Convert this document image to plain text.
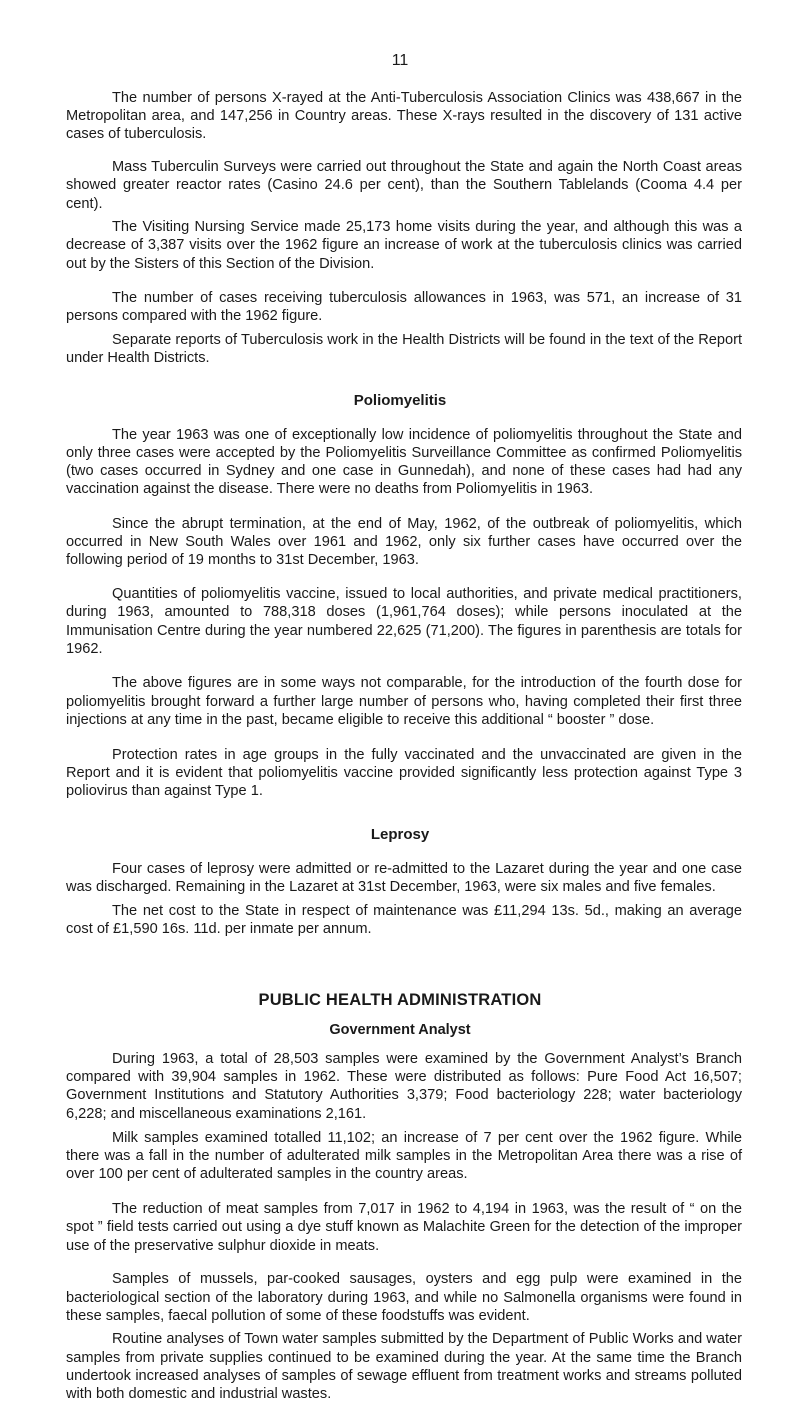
11

The number of persons X-rayed at the Anti-Tuberculosis Association Clinics was 438,667 in the Metropolitan area, and 147,256 in Country areas. These X-rays resulted in the discovery of 131 active cases of tuberculosis.

Mass Tuberculin Surveys were carried out throughout the State and again the North Coast areas showed greater reactor rates (Casino 24.6 per cent), than the Southern Tablelands (Cooma 4.4 per cent).

The Visiting Nursing Service made 25,173 home visits during the year, and although this was a decrease of 3,387 visits over the 1962 figure an increase of work at the tuberculosis clinics was carried out by the Sisters of this Section of the Division.

The number of cases receiving tuberculosis allowances in 1963, was 571, an increase of 31 persons compared with the 1962 figure.

Separate reports of Tuberculosis work in the Health Districts will be found in the text of the Report under Health Districts.

Poliomyelitis

The year 1963 was one of exceptionally low incidence of poliomyelitis throughout the State and only three cases were accepted by the Poliomyelitis Surveillance Committee as confirmed Poliomyelitis (two cases occurred in Sydney and one case in Gunnedah), and none of these cases had had any vaccination against the disease. There were no deaths from Poliomyelitis in 1963.

Since the abrupt termination, at the end of May, 1962, of the outbreak of poliomyelitis, which occurred in New South Wales over 1961 and 1962, only six further cases have occurred over the following period of 19 months to 31st December, 1963.

Quantities of poliomyelitis vaccine, issued to local authorities, and private medical practitioners, during 1963, amounted to 788,318 doses (1,961,764 doses); while persons inoculated at the Immunisation Centre during the year numbered 22,625 (71,200). The figures in parenthesis are totals for 1962.

The above figures are in some ways not comparable, for the introduction of the fourth dose for poliomyelitis brought forward a further large number of persons who, having completed their first three injections at any time in the past, became eligible to receive this additional “ booster ” dose.

Protection rates in age groups in the fully vaccinated and the unvaccinated are given in the Report and it is evident that poliomyelitis vaccine provided significantly less protection against Type 3 poliovirus than against Type 1.

Leprosy

Four cases of leprosy were admitted or re-admitted to the Lazaret during the year and one case was discharged. Remaining in the Lazaret at 31st December, 1963, were six males and five females.

The net cost to the State in respect of maintenance was £11,294 13s. 5d., making an average cost of £1,590 16s. 11d. per inmate per annum.

PUBLIC HEALTH ADMINISTRATION
Government Analyst

During 1963, a total of 28,503 samples were examined by the Government Analyst’s Branch compared with 39,904 samples in 1962. These were distributed as follows: Pure Food Act 16,507; Government Institutions and Statutory Authorities 3,379; Food bacteriology 228; water bacteriology 6,228; and miscellaneous examinations 2,161.

Milk samples examined totalled 11,102; an increase of 7 per cent over the 1962 figure. While there was a fall in the number of adulterated milk samples in the Metropolitan Area there was a rise of over 100 per cent of adulterated samples in the country areas.

The reduction of meat samples from 7,017 in 1962 to 4,194 in 1963, was the result of “ on the spot ” field tests carried out using a dye stuff known as Malachite Green for the detection of the improper use of the preservative sulphur dioxide in meats.

Samples of mussels, par-cooked sausages, oysters and egg pulp were examined in the bacteriological section of the laboratory during 1963, and while no Salmonella organisms were found in these samples, faecal pollution of some of these foodstuffs was evident.

Routine analyses of Town water samples submitted by the Department of Public Works and water samples from private supplies continued to be examined during the year. At the same time the Branch undertook increased analyses of samples of sewage effluent from treatment works and streams polluted with both domestic and industrial wastes.
